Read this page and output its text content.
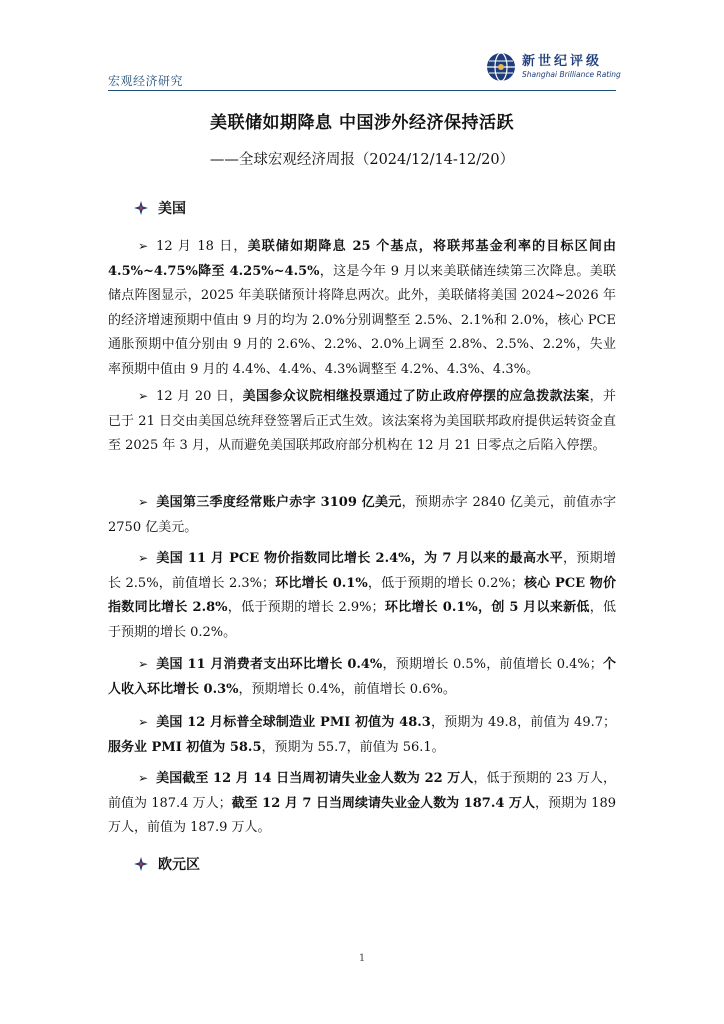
宏观经济研究
新世纪评级
Shanghai Brilliance Rating
美联储如期降息 中国涉外经济保持活跃
——全球宏观经济周报（2024/12/14-12/20）
美国
➢ 12 月 18 日，美联储如期降息 25 个基点，将联邦基金利率的目标区间由 4.5%~4.75%降至 4.25%~4.5%，这是今年 9 月以来美联储连续第三次降息。美联储点阵图显示，2025 年美联储预计将降息两次。此外，美联储将美国 2024~2026 年的经济增速预期中值由 9 月的均为 2.0%分别调整至 2.5%、2.1%和 2.0%，核心 PCE 通胀预期中值分别由 9 月的 2.6%、2.2%、2.0%上调至 2.8%、2.5%、2.2%，失业率预期中值由 9 月的 4.4%、4.4%、4.3%调整至 4.2%、4.3%、4.3%。
➢ 12 月 20 日，美国参众议院相继投票通过了防止政府停摆的应急拨款法案，并已于 21 日交由美国总统拜登签署后正式生效。该法案将为美国联邦政府提供运转资金直至 2025 年 3 月，从而避免美国联邦政府部分机构在 12 月 21 日零点之后陷入停摆。
➢ 美国第三季度经常账户赤字 3109 亿美元，预期赤字 2840 亿美元，前值赤字 2750 亿美元。
➢ 美国 11 月 PCE 物价指数同比增长 2.4%，为 7 月以来的最高水平，预期增长 2.5%，前值增长 2.3%；环比增长 0.1%，低于预期的增长 0.2%；核心 PCE 物价指数同比增长 2.8%，低于预期的增长 2.9%；环比增长 0.1%，创 5 月以来新低，低于预期的增长 0.2%。
➢ 美国 11 月消费者支出环比增长 0.4%，预期增长 0.5%，前值增长 0.4%；个人收入环比增长 0.3%，预期增长 0.4%，前值增长 0.6%。
➢ 美国 12 月标普全球制造业 PMI 初值为 48.3，预期为 49.8，前值为 49.7；服务业 PMI 初值为 58.5，预期为 55.7，前值为 56.1。
➢ 美国截至 12 月 14 日当周初请失业金人数为 22 万人，低于预期的 23 万人，前值为 187.4 万人；截至 12 月 7 日当周续请失业金人数为 187.4 万人，预期为 189 万人，前值为 187.9 万人。
欧元区
1
